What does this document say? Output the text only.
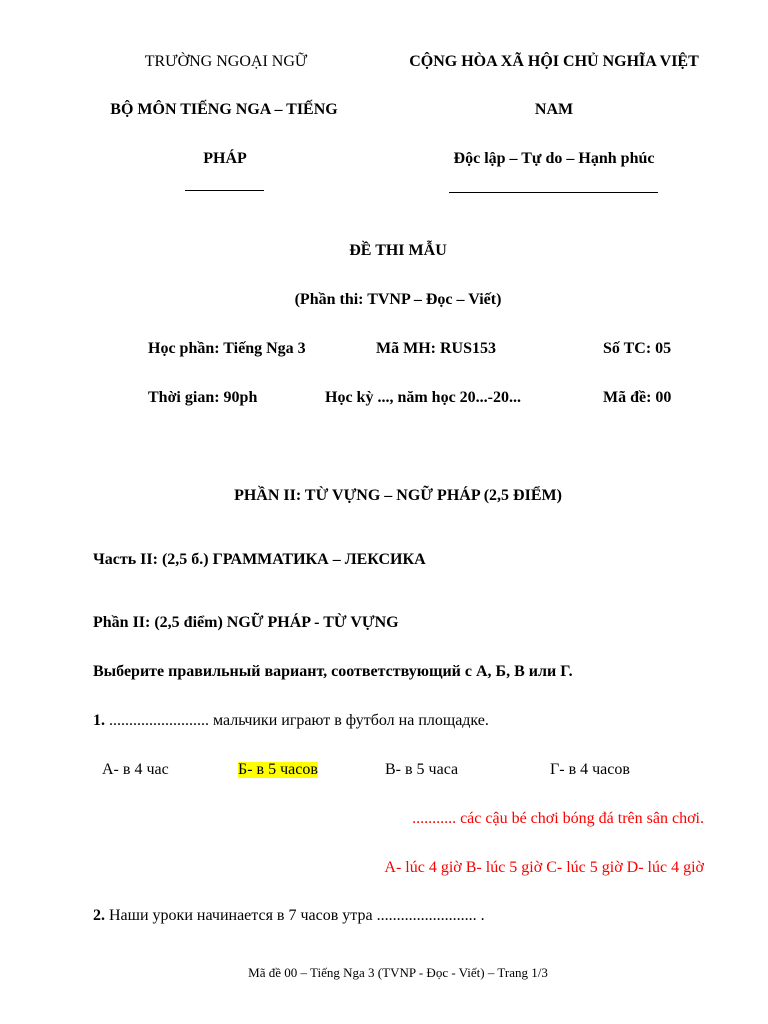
TRƯỜNG NGOẠI NGỮ
BỘ MÔN TIẾNG NGA – TIẾNG
PHÁP
CỘNG HÒA XÃ HỘI CHỦ NGHĨA VIỆT
NAM
Độc lập – Tự do – Hạnh phúc
ĐỀ THI MẪU
(Phần thi: TVNP – Đọc – Viết)
Học phần: Tiếng Nga 3	Mã MH: RUS153	Số TC: 05
Thời gian: 90ph	Học kỳ ..., năm học 20...-20...	Mã đề: 00
PHẦN II: TỪ VỰNG – NGỮ PHÁP (2,5 ĐIỂM)
Часть II: (2,5 б.) ГРАММАТИКА – ЛЕКСИКА
Phần II: (2,5 điểm) NGỮ PHÁP - TỪ VỰNG
Выберите правильный вариант, соответствующий с А, Б, В или Г.
1. ......................... мальчики играют в футбол на площадке.
А- в 4 час	Б- в 5 часов	В- в 5 часа	Г- в 4 часов
........... các cậu bé chơi bóng đá trên sân chơi.
A- lúc 4 giờ B- lúc 5 giờ C- lúc 5 giờ D- lúc 4 giờ
2. Наши уроки начинается в 7 часов утра ......................... .
Mã đề 00 – Tiếng Nga 3 (TVNP - Đọc - Viết) – Trang 1/3
